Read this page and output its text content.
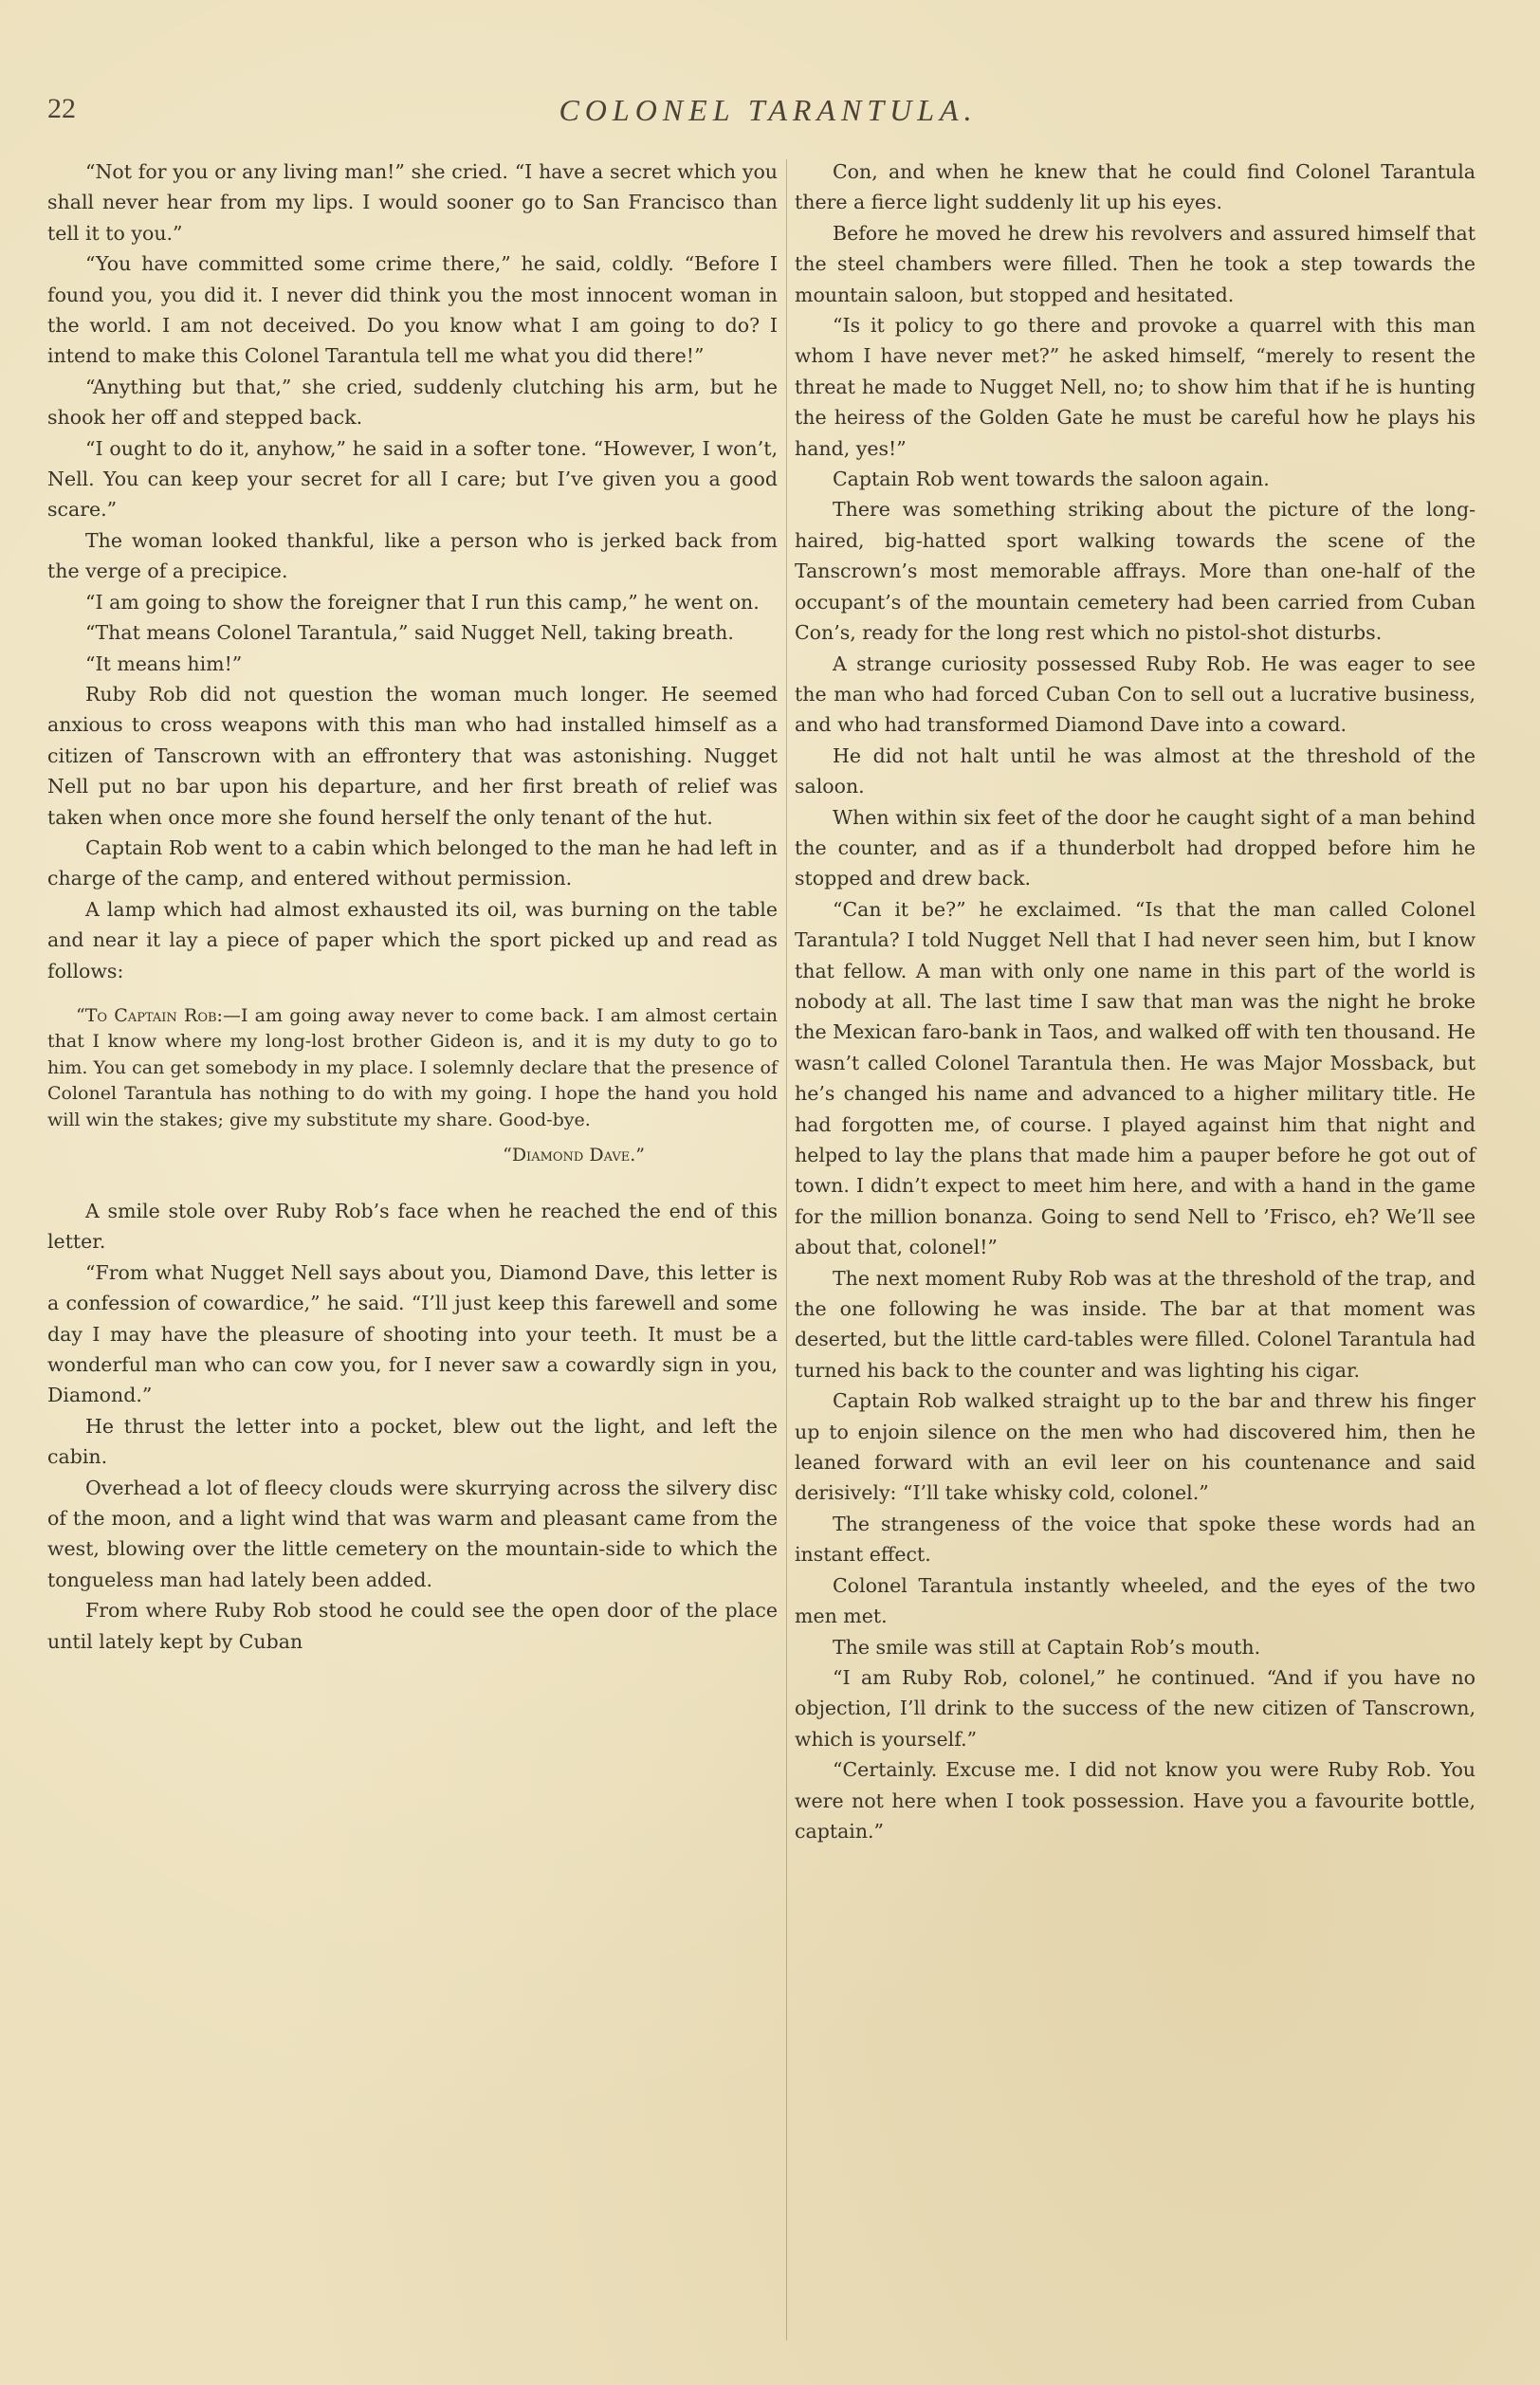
22	COLONEL TARANTULA.

“Not for you or any living man!” she cried. “I have a secret which you shall never hear from my lips. I would sooner go to San Francisco than tell it to you.”

“You have committed some crime there,” he said, coldly. “Before I found you, you did it. I never did think you the most innocent woman in the world. I am not deceived. Do you know what I am going to do? I intend to make this Colonel Tarantula tell me what you did there!”

“Anything but that,” she cried, suddenly clutching his arm, but he shook her off and stepped back.

“I ought to do it, anyhow,” he said in a softer tone. “However, I won’t, Nell. You can keep your secret for all I care; but I’ve given you a good scare.”

The woman looked thankful, like a person who is jerked back from the verge of a precipice.

“I am going to show the foreigner that I run this camp,” he went on.

“That means Colonel Tarantula,” said Nugget Nell, taking breath.

“It means him!”

Ruby Rob did not question the woman much longer. He seemed anxious to cross weapons with this man who had installed himself as a citizen of Tanscrown with an effrontery that was astonishing. Nugget Nell put no bar upon his departure, and her first breath of relief was taken when once more she found herself the only tenant of the hut.

Captain Rob went to a cabin which belonged to the man he had left in charge of the camp, and entered without permission.

A lamp which had almost exhausted its oil, was burning on the table and near it lay a piece of paper which the sport picked up and read as follows:

“To Captain Rob:—I am going away never to come back. I am almost certain that I know where my long-lost brother Gideon is, and it is my duty to go to him. You can get somebody in my place. I solemnly declare that the presence of Colonel Tarantula has nothing to do with my going. I hope the hand you hold will win the stakes; give my substitute my share. Good-bye.

“Diamond Dave.”

A smile stole over Ruby Rob’s face when he reached the end of this letter.

“From what Nugget Nell says about you, Diamond Dave, this letter is a confession of cowardice,” he said. “I’ll just keep this farewell and some day I may have the pleasure of shooting into your teeth. It must be a wonderful man who can cow you, for I never saw a cowardly sign in you, Diamond.”

He thrust the letter into a pocket, blew out the light, and left the cabin.

Overhead a lot of fleecy clouds were skurrying across the silvery disc of the moon, and a light wind that was warm and pleasant came from the west, blowing over the little cemetery on the mountain-side to which the tongueless man had lately been added.

From where Ruby Rob stood he could see the open door of the place until lately kept by Cuban

Con, and when he knew that he could find Colonel Tarantula there a fierce light suddenly lit up his eyes.

Before he moved he drew his revolvers and assured himself that the steel chambers were filled. Then he took a step towards the mountain saloon, but stopped and hesitated.

“Is it policy to go there and provoke a quarrel with this man whom I have never met?” he asked himself, “merely to resent the threat he made to Nugget Nell, no; to show him that if he is hunting the heiress of the Golden Gate he must be careful how he plays his hand, yes!”

Captain Rob went towards the saloon again.

There was something striking about the picture of the long-haired, big-hatted sport walking towards the scene of the Tanscrown’s most memorable affrays. More than one-half of the occupant’s of the mountain cemetery had been carried from Cuban Con’s, ready for the long rest which no pistol-shot disturbs.

A strange curiosity possessed Ruby Rob. He was eager to see the man who had forced Cuban Con to sell out a lucrative business, and who had transformed Diamond Dave into a coward.

He did not halt until he was almost at the threshold of the saloon.

When within six feet of the door he caught sight of a man behind the counter, and as if a thunderbolt had dropped before him he stopped and drew back.

“Can it be?” he exclaimed. “Is that the man called Colonel Tarantula? I told Nugget Nell that I had never seen him, but I know that fellow. A man with only one name in this part of the world is nobody at all. The last time I saw that man was the night he broke the Mexican faro-bank in Taos, and walked off with ten thousand. He wasn’t called Colonel Tarantula then. He was Major Mossback, but he’s changed his name and advanced to a higher military title. He had forgotten me, of course. I played against him that night and helped to lay the plans that made him a pauper before he got out of town. I didn’t expect to meet him here, and with a hand in the game for the million bonanza. Going to send Nell to ’Frisco, eh? We’ll see about that, colonel!”

The next moment Ruby Rob was at the threshold of the trap, and the one following he was inside. The bar at that moment was deserted, but the little card-tables were filled. Colonel Tarantula had turned his back to the counter and was lighting his cigar.

Captain Rob walked straight up to the bar and threw his finger up to enjoin silence on the men who had discovered him, then he leaned forward with an evil leer on his countenance and said derisively: “I’ll take whisky cold, colonel.”

The strangeness of the voice that spoke these words had an instant effect.

Colonel Tarantula instantly wheeled, and the eyes of the two men met.

The smile was still at Captain Rob’s mouth.

“I am Ruby Rob, colonel,” he continued. “And if you have no objection, I’ll drink to the success of the new citizen of Tanscrown, which is yourself.”

“Certainly. Excuse me. I did not know you were Ruby Rob. You were not here when I took possession. Have you a favourite bottle, captain.”
